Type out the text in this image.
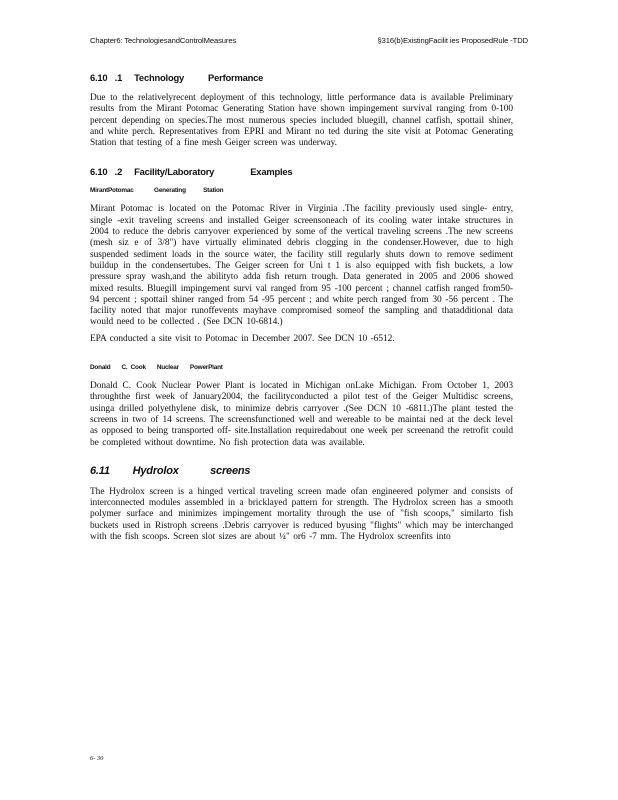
Chapter6: TechnologiesandControlMeasures	§316(b)ExistingFacilit ies ProposedRule -TDD
6.10   .1     Technology          Performance

Due to the relativelyrecent deployment of this technology, little performance data is available Preliminary results from the Mirant Potomac Generating Station have shown impingement survival ranging from 0-100 percent depending on species.The most numerous species included bluegill, channel catfish, spottail shiner, and white perch. Representatives from EPRI and Mirant no ted during the site visit at Potomac Generating Station that testing of a fine mesh Geiger screen was underway.

6.10   .2     Facility/Laboratory               Examples
MirantPotomac             Generating           Station

Mirant Potomac is located on the Potomac River in Virginia .The facility previously used single- entry, single -exit traveling screens and installed Geiger screensoneach of its cooling water intake structures in 2004 to reduce the debris carryover experienced by some of the vertical traveling screens .The new screens (mesh siz e of 3/8") have virtually eliminated debris clogging in the condenser.However, due to high suspended sediment loads in the source water, the facility still regularly shuts down to remove sediment buildup in the condensertubes. The Geiger screen for Uni t 1 is also equipped with fish buckets, a low pressure spray wash,and the abilityto adda fish return trough. Data generated in 2005 and 2006 showed mixed results. Bluegill impingement survi val ranged from 95 -100 percent ; channel catfish ranged from50-94 percent ; spottail shiner ranged from 54 -95 percent ; and white perch ranged from 30 -56 percent . The facility noted that major runoffevents mayhave compromised someof the sampling and thatadditional data would need to be collected . (See DCN 10-6814.)

EPA conducted a site visit to Potomac in December 2007. See DCN 10 -6512.

Donald       C.  Cook       Nuclear       PowerPlant

Donald C. Cook Nuclear Power Plant is located in Michigan onLake Michigan. From October 1, 2003 throughthe first week of January2004, the facilityconducted a pilot test of the Geiger Multidisc screens, usinga drilled polyethylene disk, to minimize debris carryover .(See DCN 10 -6811.)The plant tested the screens in two of 14 screens. The screensfunctioned well and wereable to be maintai ned at the deck level as opposed to being transported off- site.Installation requiredabout one week per screenand the retrofit could be completed without downtime. No fish protection data was available.

6.11        Hydrolox           screens

The Hydrolox screen is a hinged vertical traveling screen made ofan engineered polymer and consists of interconnected modules assembled in a bricklayed pattern for strength. The Hydrolox screen has a smooth polymer surface and minimizes impingement mortality through the use of "fish scoops," similarto fish buckets used in Ristroph screens .Debris carryover is reduced byusing "flights" which may be interchanged with the fish scoops. Screen slot sizes are about ¼" or6 -7 mm. The Hydrolox screenfits into

6- 30
